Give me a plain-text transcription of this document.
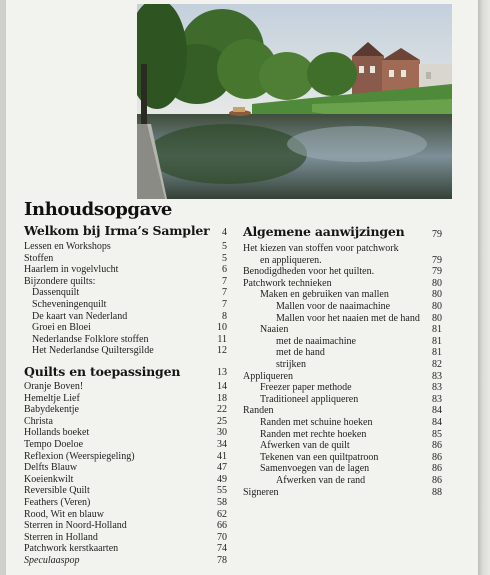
Inhoudsopgave
Welkom bij Irma’s Sampler	4
Lessen en Workshops	5
Stoffen	5
Haarlem in vogelvlucht	6
Bijzondere quilts:	7
Dassenquilt	7
Scheveningenquilt	7
De kaart van Nederland	8
Groei en Bloei	10
Nederlandse Folklore stoffen	11
Het Nederlandse Quiltersgilde	12
Quilts en toepassingen	13
Oranje Boven!	14
Hemeltje Lief	18
Babydekentje	22
Christa	25
Hollands boeket	30
Tempo Doeloe	34
Reflexion (Weerspiegeling)	41
Delfts Blauw	47
Koeienkwilt	49
Reversible Quilt	55
Feathers (Veren)	58
Rood, Wit en blauw	62
Sterren in Noord-Holland	66
Sterren in Holland	70
Patchwork kerstkaarten	74
Speculaaspop	78
Algemene aanwijzingen	79
Het kiezen van stoffen voor patchwork
en appliqueren.	79
Benodigdheden voor het quilten.	79
Patchwork technieken	80
Maken en gebruiken van mallen	80
Mallen voor de naaimachine	80
Mallen voor het naaien met de hand 80
Naaien	81
met de naaimachine	81
met de hand	81
strijken	82
Appliqueren	83
Freezer paper methode	83
Traditioneel appliqueren	83
Randen	84
Randen met schuine hoeken	84
Randen met rechte hoeken	85
Afwerken van de quilt	86
Tekenen van een quiltpatroon	86
Samenvoegen van de lagen	86
Afwerken van de rand	86
Signeren	88
